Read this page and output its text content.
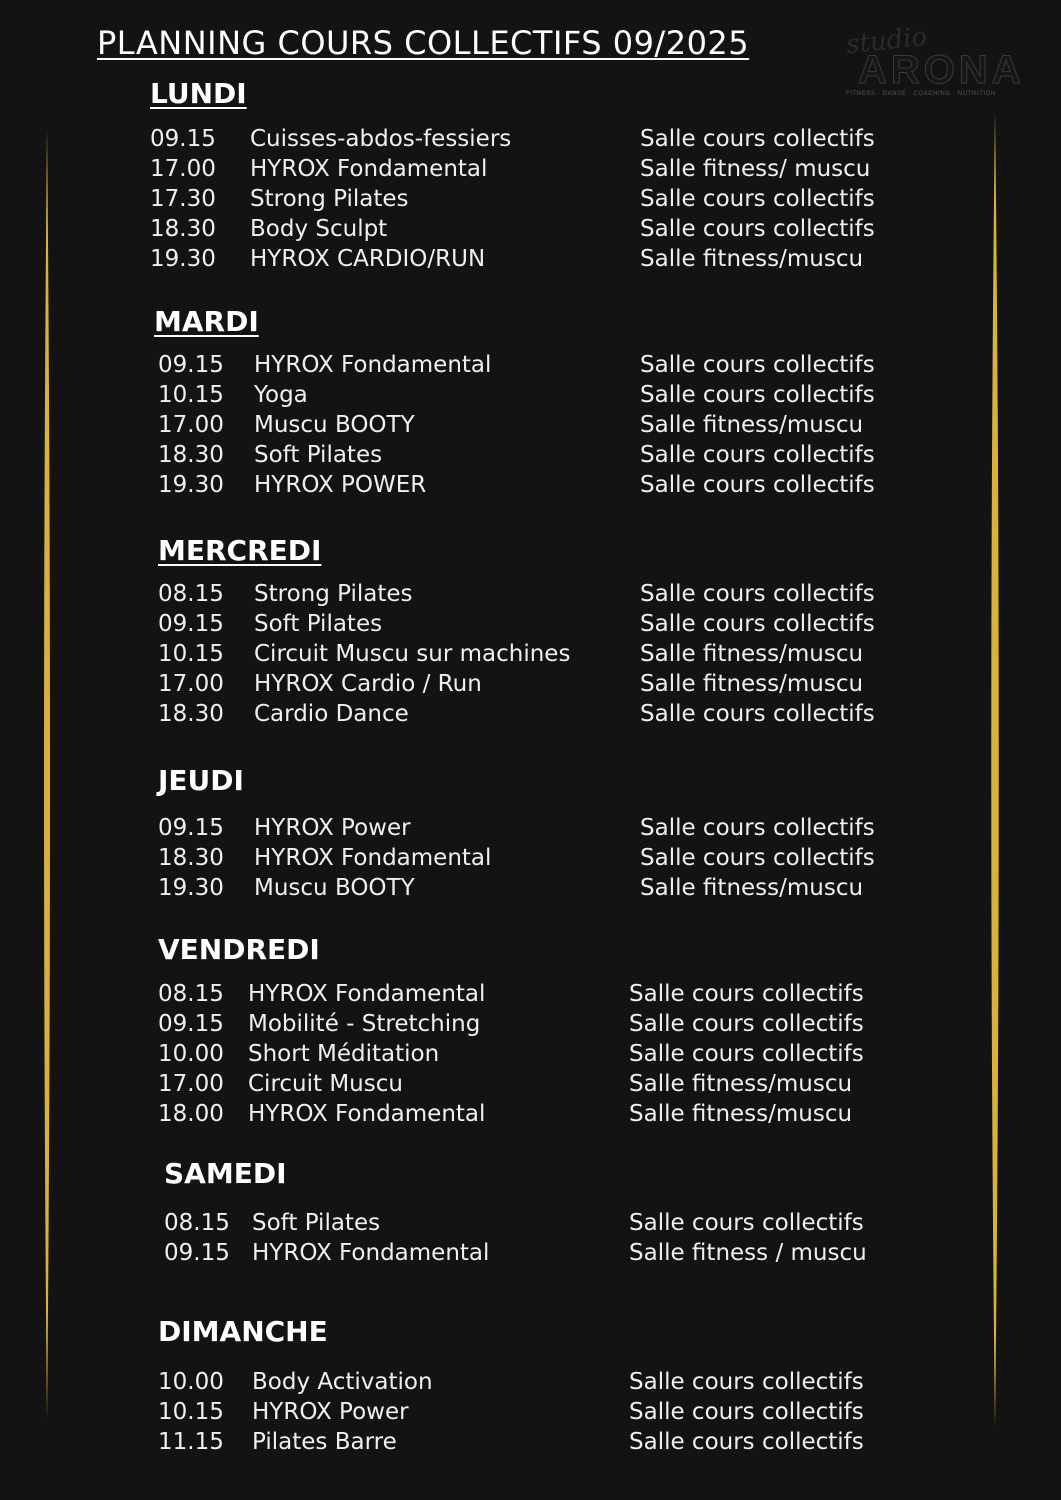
PLANNING COURS COLLECTIFS 09/2025	studio
ARONA
FITNESS · DANSE · COACHING · NUTRITION
LUNDI
09.15 Cuisses-abdos-fessiers	Salle cours collectifs
17.00 HYROX Fondamental	Salle fitness/ muscu
17.30 Strong Pilates	Salle cours collectifs
18.30 Body Sculpt	Salle cours collectifs
19.30 HYROX CARDIO/RUN	Salle fitness/muscu
MARDI
09.15 HYROX Fondamental	Salle cours collectifs
10.15 Yoga	Salle cours collectifs
17.00 Muscu BOOTY	Salle fitness/muscu
18.30 Soft Pilates	Salle cours collectifs
19.30 HYROX POWER	Salle cours collectifs
MERCREDI
08.15 Strong Pilates	Salle cours collectifs
09.15 Soft Pilates	Salle cours collectifs
10.15 Circuit Muscu sur machines	Salle fitness/muscu
17.00 HYROX Cardio / Run	Salle fitness/muscu
18.30 Cardio Dance	Salle cours collectifs
JEUDI
09.15 HYROX Power	Salle cours collectifs
18.30 HYROX Fondamental	Salle cours collectifs
19.30 Muscu BOOTY	Salle fitness/muscu
VENDREDI
08.15 HYROX Fondamental	Salle cours collectifs
09.15 Mobilité - Stretching	Salle cours collectifs
10.00 Short Méditation	Salle cours collectifs
17.00 Circuit Muscu	Salle fitness/muscu
18.00 HYROX Fondamental	Salle fitness/muscu
SAMEDI
08.15 Soft Pilates	Salle cours collectifs
09.15 HYROX Fondamental	Salle fitness / muscu
DIMANCHE
10.00 Body Activation	Salle cours collectifs
10.15 HYROX Power	Salle cours collectifs
11.15 Pilates Barre	Salle cours collectifs
